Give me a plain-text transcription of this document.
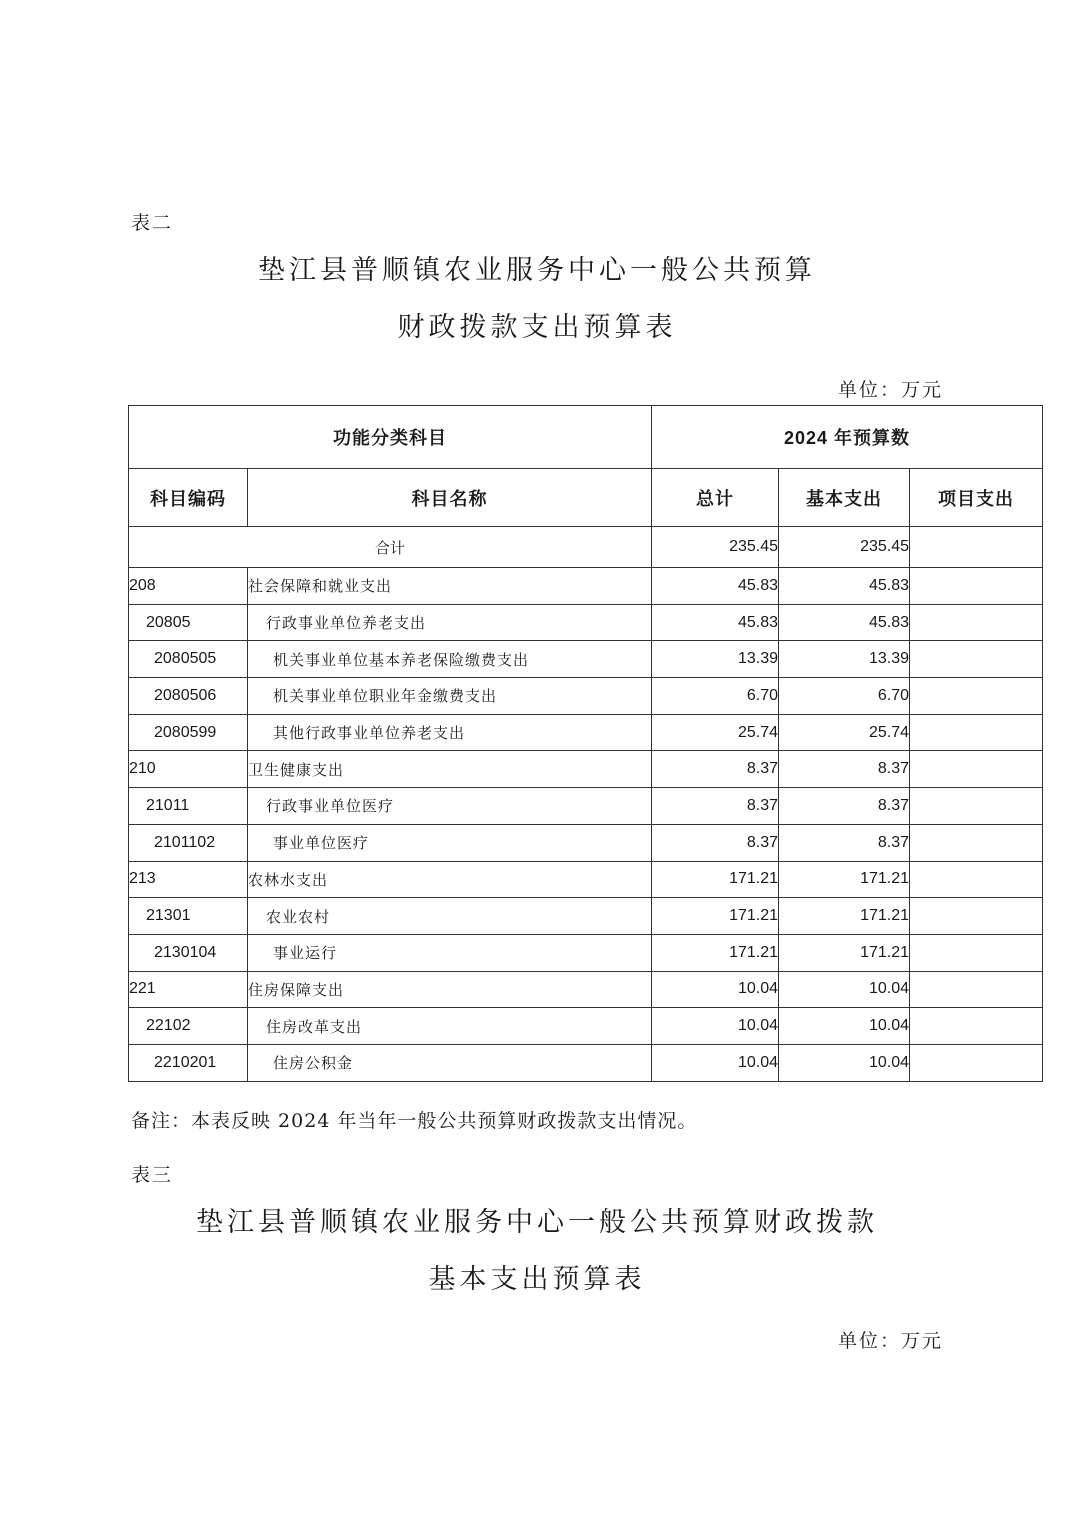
表二
垫江县普顺镇农业服务中心一般公共预算
财政拨款支出预算表
单位：万元
功能分类科目		2024 年预算数		
科目编码	科目名称	总计	基本支出	项目支出
合计		235.45	235.45	
208	社会保障和就业支出	45.83	45.83	
20805	行政事业单位养老支出	45.83	45.83	
2080505	机关事业单位基本养老保险缴费支出	13.39	13.39	
2080506	机关事业单位职业年金缴费支出	6.70	6.70	
2080599	其他行政事业单位养老支出	25.74	25.74	
210	卫生健康支出	8.37	8.37	
21011	行政事业单位医疗	8.37	8.37	
2101102	事业单位医疗	8.37	8.37	
213	农林水支出	171.21	171.21	
21301	农业农村	171.21	171.21	
2130104	事业运行	171.21	171.21	
221	住房保障支出	10.04	10.04	
22102	住房改革支出	10.04	10.04	
2210201	住房公积金	10.04	10.04	
备注：本表反映 2024 年当年一般公共预算财政拨款支出情况。
表三
垫江县普顺镇农业服务中心一般公共预算财政拨款
基本支出预算表
单位：万元
